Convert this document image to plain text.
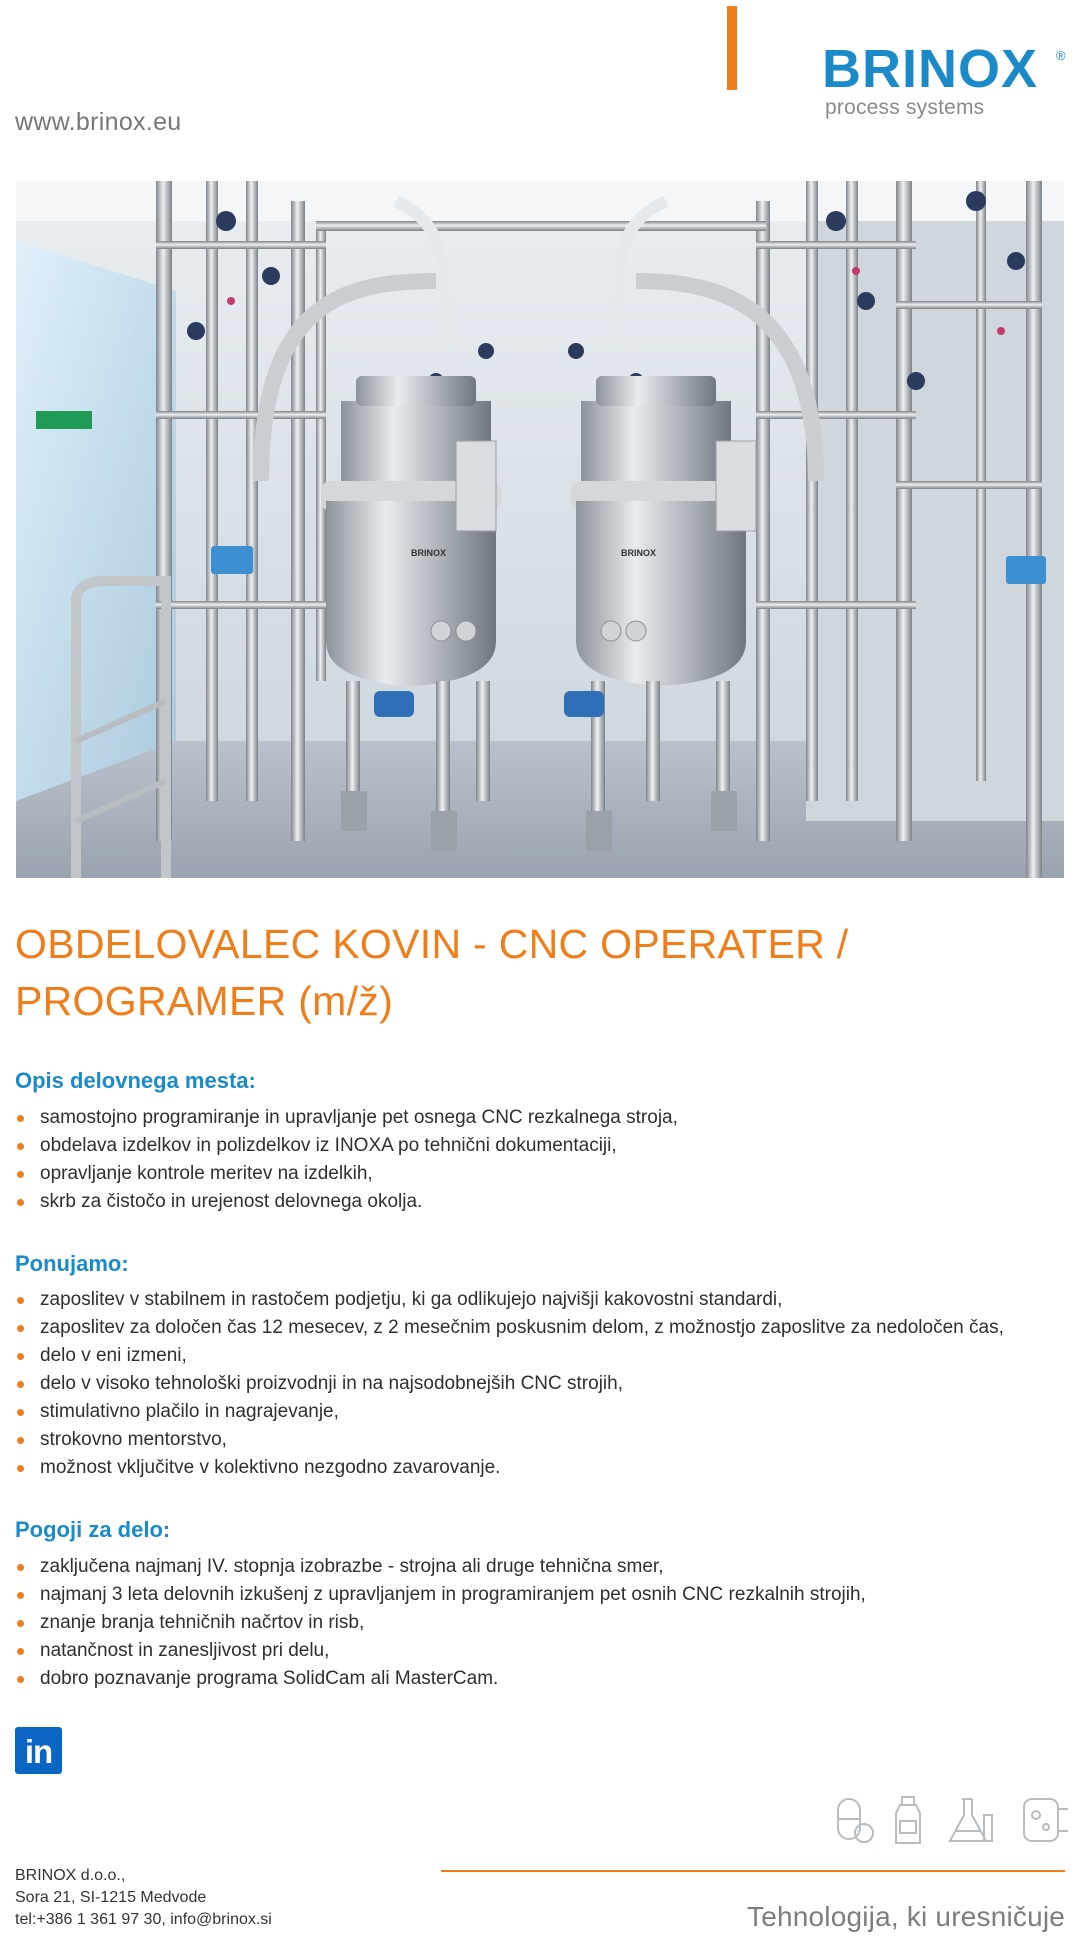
www.brinox.eu
BRINOX	®
process systems
BRINOX	BRINOX
OBDELOVALEC KOVIN - CNC OPERATER /
PROGRAMER (m/ž)
Opis delovnega mesta:
samostojno programiranje in upravljanje pet osnega CNC rezkalnega stroja,
obdelava izdelkov in polizdelkov iz INOXA po tehnični dokumentaciji,
opravljanje kontrole meritev na izdelkih,
skrb za čistočo in urejenost delovnega okolja.
Ponujamo:
zaposlitev v stabilnem in rastočem podjetju, ki ga odlikujejo najvišji kakovostni standardi,
zaposlitev za določen čas 12 mesecev, z 2 mesečnim poskusnim delom, z možnostjo zaposlitve za nedoločen čas,
delo v eni izmeni,
delo v visoko tehnološki proizvodnji in na najsodobnejših CNC strojih,
stimulativno plačilo in nagrajevanje,
strokovno mentorstvo,
možnost vključitve v kolektivno nezgodno zavarovanje.
Pogoji za delo:
zaključena najmanj IV. stopnja izobrazbe - strojna ali druge tehnična smer,
najmanj 3 leta delovnih izkušenj z upravljanjem in programiranjem pet osnih CNC rezkalnih strojih,
znanje branja tehničnih načrtov in risb,
natančnost in zanesljivost pri delu,
dobro poznavanje programa SolidCam ali MasterCam.
in
BRINOX d.o.o.,
Sora 21, SI-1215 Medvode
tel:+386 1 361 97 30, info@brinox.si	Tehnologija, ki uresničuje
